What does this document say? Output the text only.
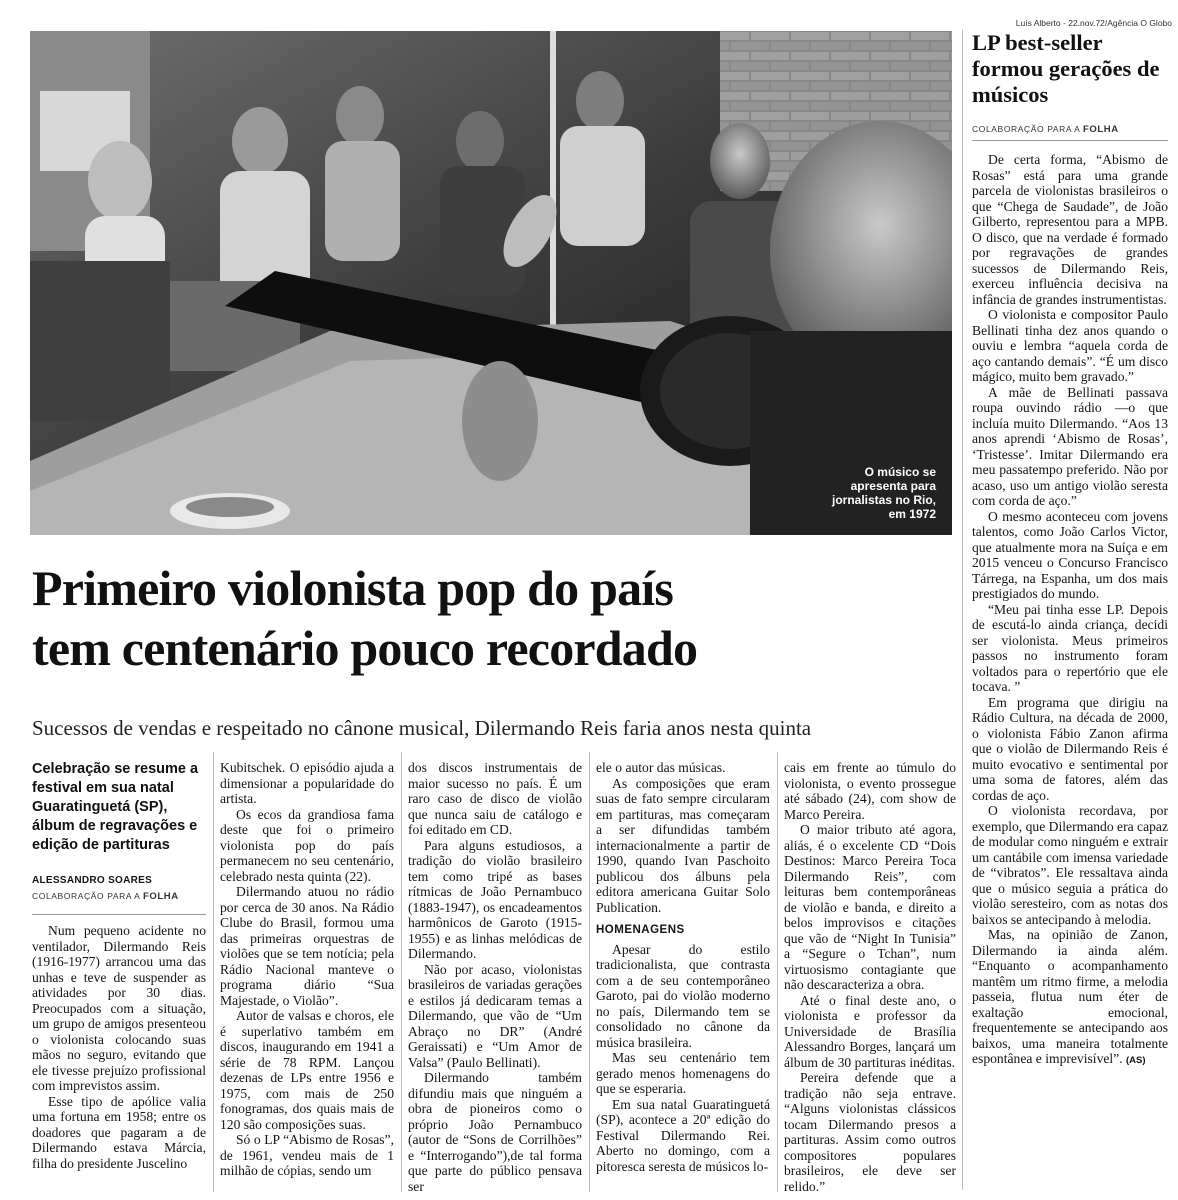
Luís Alberto - 22.nov.72/Agência O Globo
O músico se apresenta para jornalistas no Rio, em 1972
Primeiro violonista pop do país
tem centenário pouco recordado

Sucessos de vendas e respeitado no cânone musical, Dilermando Reis faria anos nesta quinta

Celebração se resume a festival em sua natal Guaratinguetá (SP), álbum de regravações e edição de partituras

ALESSANDRO SOARES

COLABORAÇÃO PARA A FOLHA

Num pequeno acidente no ventilador, Dilermando Reis (1916-1977) arrancou uma das unhas e teve de suspender as atividades por 30 dias. Preocupados com a situação, um grupo de amigos presenteou o violonista colocando suas mãos no seguro, evitando que ele tivesse prejuízo profissional com imprevistos assim.

Esse tipo de apólice valia uma fortuna em 1958; entre os doadores que pagaram a de Dilermando estava Márcia, filha do presidente Juscelino

Kubitschek. O episódio ajuda a dimensionar a popularidade do artista.

Os ecos da grandiosa fama deste que foi o primeiro violonista pop do país permanecem no seu centenário, celebrado nesta quinta (22).

Dilermando atuou no rádio por cerca de 30 anos. Na Rádio Clube do Brasil, formou uma das primeiras orquestras de violões que se tem notícia; pela Rádio Nacional manteve o programa diário “Sua Majestade, o Violão”.

Autor de valsas e choros, ele é superlativo também em discos, inaugurando em 1941 a série de 78 RPM. Lançou dezenas de LPs entre 1956 e 1975, com mais de 250 fonogramas, dos quais mais de 120 são composições suas.

Só o LP “Abismo de Rosas”, de 1961, vendeu mais de 1 milhão de cópias, sendo um

dos discos instrumentais de maior sucesso no país. É um raro caso de disco de violão que nunca saiu de catálogo e foi editado em CD.

Para alguns estudiosos, a tradição do violão brasileiro tem como tripé as bases rítmicas de João Pernambuco (1883-1947), os encadeamentos harmônicos de Garoto (1915-1955) e as linhas melódicas de Dilermando.

Não por acaso, violonistas brasileiros de variadas gerações e estilos já dedicaram temas a Dilermando, que vão de “Um Abraço no DR” (André Geraissati) e “Um Amor de Valsa” (Paulo Bellinati).

Dilermando também difundiu mais que ninguém a obra de pioneiros como o próprio João Pernambuco (autor de “Sons de Corrilhões” e “Interrogando”),de tal forma que parte do público pensava ser

ele o autor das músicas.

As composições que eram suas de fato sempre circularam em partituras, mas começaram a ser difundidas também internacionalmente a partir de 1990, quando Ivan Paschoito publicou dos álbuns pela editora americana Guitar Solo Publication.

HOMENAGENS

Apesar do estilo tradicionalista, que contrasta com a de seu contemporâneo Garoto, pai do violão moderno no país, Dilermando tem se consolidado no cânone da música brasileira.

Mas seu centenário tem gerado menos homenagens do que se esperaria.

Em sua natal Guaratinguetá (SP), acontece a 20ª edição do Festival Dilermando Rei. Aberto no domingo, com a pitoresca seresta de músicos lo-

cais em frente ao túmulo do violonista, o evento prossegue até sábado (24), com show de Marco Pereira.

O maior tributo até agora, aliás, é o excelente CD “Dois Destinos: Marco Pereira Toca Dilermando Reis”, com leituras bem contemporâneas de violão e banda, e direito a belos improvisos e citações que vão de “Night In Tunisia” a “Segure o Tchan”, num virtuosismo contagiante que não descaracteriza a obra.

Até o final deste ano, o violonista e professor da Universidade de Brasília Alessandro Borges, lançará um álbum de 30 partituras inéditas.

Pereira defende que a tradição não seja entrave. “Alguns violonistas clássicos tocam Dilermando presos a partituras. Assim como outros compositores populares brasileiros, ele deve ser relido.”

LP best-seller formou gerações de músicos

COLABORAÇÃO PARA A FOLHA

De certa forma, “Abismo de Rosas” está para uma grande parcela de violonistas brasileiros o que “Chega de Saudade”, de João Gilberto, representou para a MPB. O disco, que na verdade é formado por regravações de grandes sucessos de Dilermando Reis, exerceu influência decisiva na infância de grandes instrumentistas.

O violonista e compositor Paulo Bellinati tinha dez anos quando o ouviu e lembra “aquela corda de aço cantando demais”. “É um disco mágico, muito bem gravado.”

A mãe de Bellinati passava roupa ouvindo rádio —o que incluía muito Dilermando. “Aos 13 anos aprendi ‘Abismo de Rosas’, ‘Tristesse’. Imitar Dilermando era meu passatempo preferido. Não por acaso, uso um antigo violão seresta com corda de aço.”

O mesmo aconteceu com jovens talentos, como João Carlos Victor, que atualmente mora na Suíça e em 2015 venceu o Concurso Francisco Tárrega, na Espanha, um dos mais prestigiados do mundo.

“Meu pai tinha esse LP. Depois de escutá-lo ainda criança, decidi ser violonista. Meus primeiros passos no instrumento foram voltados para o repertório que ele tocava. ”

Em programa que dirigiu na Rádio Cultura, na década de 2000, o violonista Fábio Zanon afirma que o violão de Dilermando Reis é muito evocativo e sentimental por uma soma de fatores, além das cordas de aço.

O violonista recordava, por exemplo, que Dilermando era capaz de modular como ninguém e extrair um cantábile com imensa variedade de “vibratos”. Ele ressaltava ainda que o músico seguia a prática do violão seresteiro, com as notas dos baixos se antecipando à melodia.

Mas, na opinião de Zanon, Dilermando ia ainda além. “Enquanto o acompanhamento mantêm um ritmo firme, a melodia passeia, flutua num éter de exaltação emocional, frequentemente se antecipando aos baixos, uma maneira totalmente espontânea e imprevisível”. (AS)
